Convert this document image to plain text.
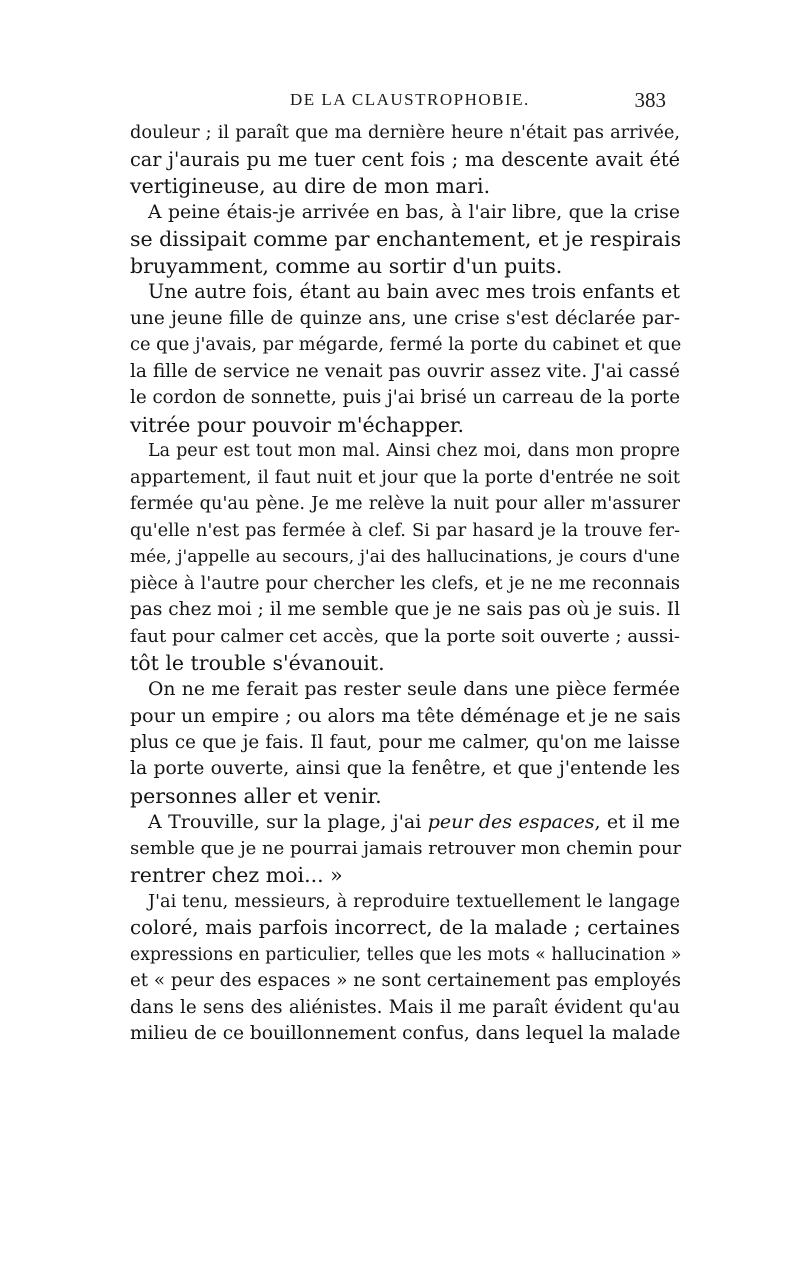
DE LA CLAUSTROPHOBIE.	383
douleur ; il paraît que ma dernière heure n'était pas arrivée,
car j'aurais pu me tuer cent fois ; ma descente avait été
vertigineuse, au dire de mon mari.
A peine étais-je arrivée en bas, à l'air libre, que la crise
se dissipait comme par enchantement, et je respirais
bruyamment, comme au sortir d'un puits.
Une autre fois, étant au bain avec mes trois enfants et
une jeune fille de quinze ans, une crise s'est déclarée par-
ce que j'avais, par mégarde, fermé la porte du cabinet et que
la fille de service ne venait pas ouvrir assez vite. J'ai cassé
le cordon de sonnette, puis j'ai brisé un carreau de la porte
vitrée pour pouvoir m'échapper.
La peur est tout mon mal. Ainsi chez moi, dans mon propre
appartement, il faut nuit et jour que la porte d'entrée ne soit
fermée qu'au pène. Je me relève la nuit pour aller m'assurer
qu'elle n'est pas fermée à clef. Si par hasard je la trouve fer-
mée, j'appelle au secours, j'ai des hallucinations, je cours d'une
pièce à l'autre pour chercher les clefs, et je ne me reconnais
pas chez moi ; il me semble que je ne sais pas où je suis. Il
faut pour calmer cet accès, que la porte soit ouverte ; aussi-
tôt le trouble s'évanouit.
On ne me ferait pas rester seule dans une pièce fermée
pour un empire ; ou alors ma tête déménage et je ne sais
plus ce que je fais. Il faut, pour me calmer, qu'on me laisse
la porte ouverte, ainsi que la fenêtre, et que j'entende les
personnes aller et venir.
A Trouville, sur la plage, j'ai peur des espaces, et il me
semble que je ne pourrai jamais retrouver mon chemin pour
rentrer chez moi... »
J'ai tenu, messieurs, à reproduire textuellement le langage
coloré, mais parfois incorrect, de la malade ; certaines
expressions en particulier, telles que les mots « hallucination »
et « peur des espaces » ne sont certainement pas employés
dans le sens des aliénistes. Mais il me paraît évident qu'au
milieu de ce bouillonnement confus, dans lequel la malade
